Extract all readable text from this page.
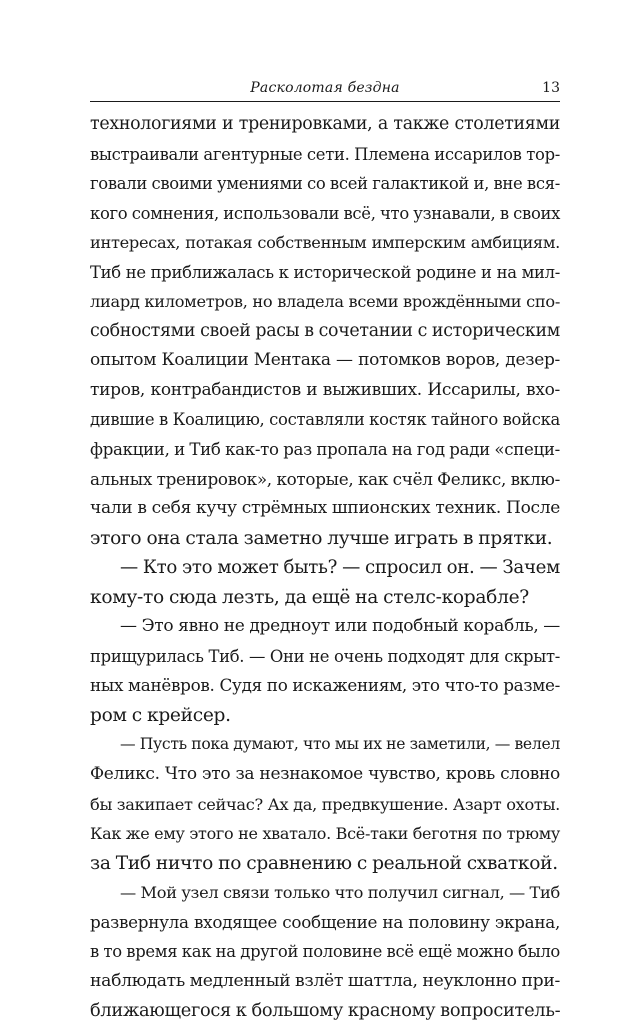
Расколотая бездна	13
технологиями и тренировками, а также столетиями
выстраивали агентурные сети. Племена иссарилов тор-
говали своими умениями со всей галактикой и, вне вся-
кого сомнения, использовали всё, что узнавали, в своих
интересах, потакая собственным имперским амбициям.
Тиб не приближалась к исторической родине и на мил-
лиард километров, но владела всеми врождёнными спо-
собностями своей расы в сочетании с историческим
опытом Коалиции Ментака — потомков воров, дезер-
тиров, контрабандистов и выживших. Иссарилы, вхо-
дившие в Коалицию, составляли костяк тайного войска
фракции, и Тиб как-то раз пропала на год ради «специ-
альных тренировок», которые, как счёл Феликс, вклю-
чали в себя кучу стрёмных шпионских техник. После
этого она стала заметно лучше играть в прятки.
— Кто это может быть? — спросил он. — Зачем
кому-то сюда лезть, да ещё на стелс-корабле?
— Это явно не дредноут или подобный корабль, —
прищурилась Тиб. — Они не очень подходят для скрыт-
ных манёвров. Судя по искажениям, это что-то разме-
ром с крейсер.
— Пусть пока думают, что мы их не заметили, — велел
Феликс. Что это за незнакомое чувство, кровь словно
бы закипает сейчас? Ах да, предвкушение. Азарт охоты.
Как же ему этого не хватало. Всё-таки беготня по трюму
за Тиб ничто по сравнению с реальной схваткой.
— Мой узел связи только что получил сигнал, — Тиб
развернула входящее сообщение на половину экрана,
в то время как на другой половине всё ещё можно было
наблюдать медленный взлёт шаттла, неуклонно при-
ближающегося к большому красному вопроситель-
